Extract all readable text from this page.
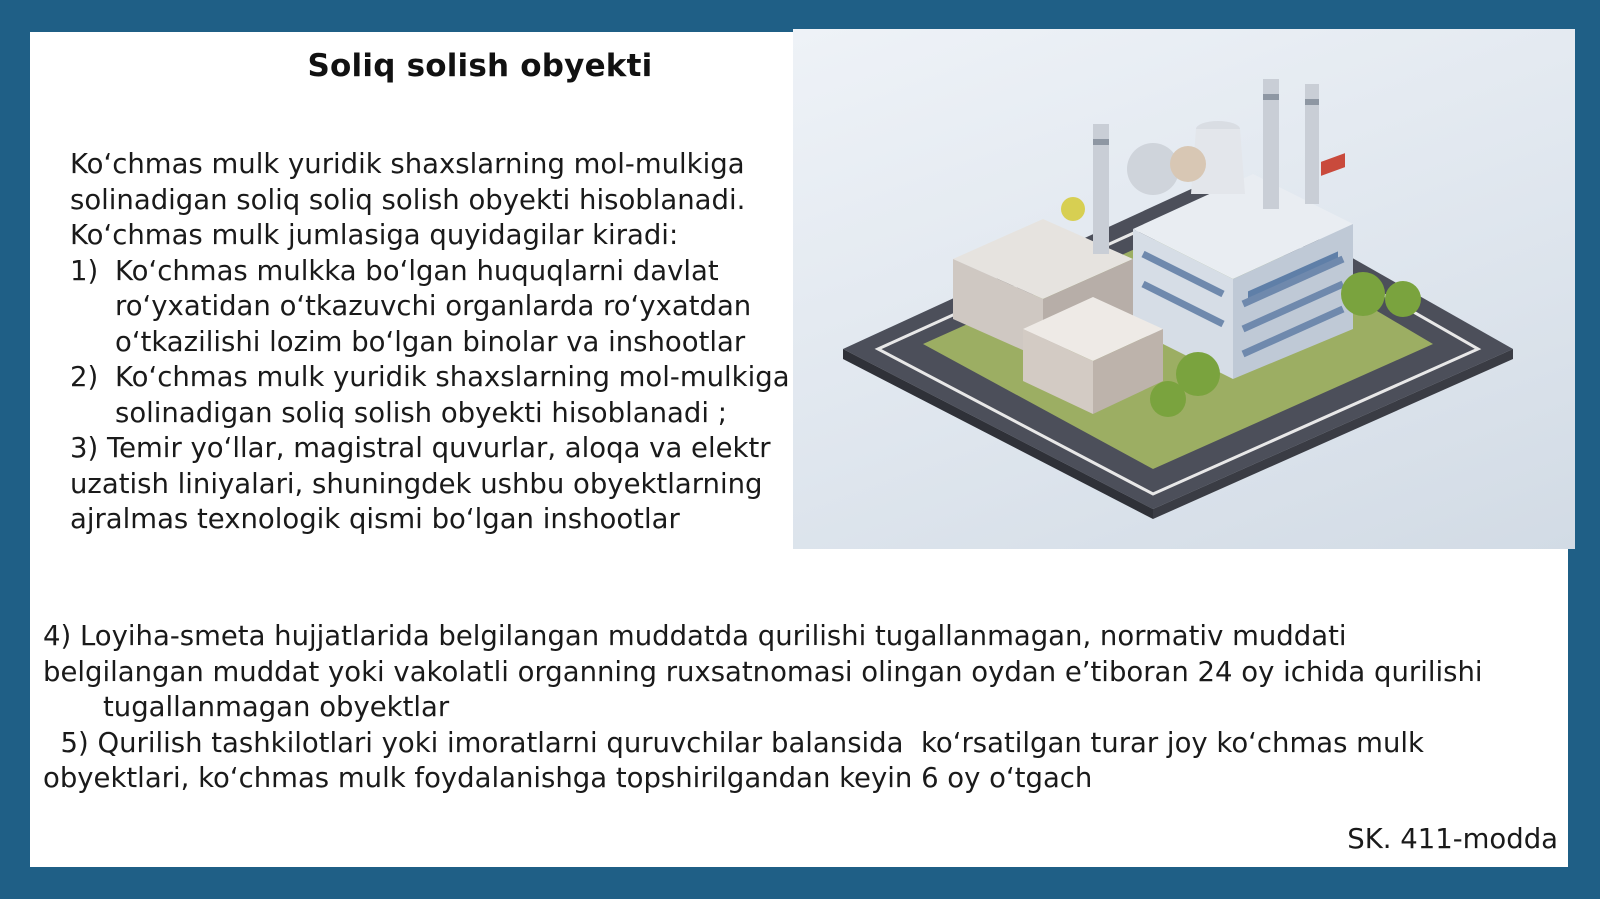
Soliq solish obyekti
Ko‘chmas mulk yuridik shaxslarning mol-mulkiga
solinadigan soliq soliq solish obyekti hisoblanadi.
Ko‘chmas mulk jumlasiga quyidagilar kiradi:
1) Ko‘chmas mulkka bo‘lgan huquqlarni davlat
ro‘yxatidan o‘tkazuvchi organlarda ro‘yxatdan
o‘tkazilishi lozim bo‘lgan binolar va inshootlar
2) Ko‘chmas mulk yuridik shaxslarning mol-mulkiga
solinadigan soliq solish obyekti hisoblanadi ;
3) Temir yo‘llar, magistral quvurlar, aloqa va elektr
uzatish liniyalari, shuningdek ushbu obyektlarning
ajralmas texnologik qismi bo‘lgan inshootlar
4) Loyiha-smeta hujjatlarida belgilangan muddatda qurilishi tugallanmagan, normativ muddati
belgilangan muddat yoki vakolatli organning ruxsatnomasi olingan oydan e’tiboran 24 oy ichida qurilishi
tugallanmagan obyektlar
5) Qurilish tashkilotlari yoki imoratlarni quruvchilar balansida  ko‘rsatilgan turar joy ko‘chmas mulk
obyektlari, ko‘chmas mulk foydalanishga topshirilgandan keyin 6 oy o‘tgach
SK. 411-modda
